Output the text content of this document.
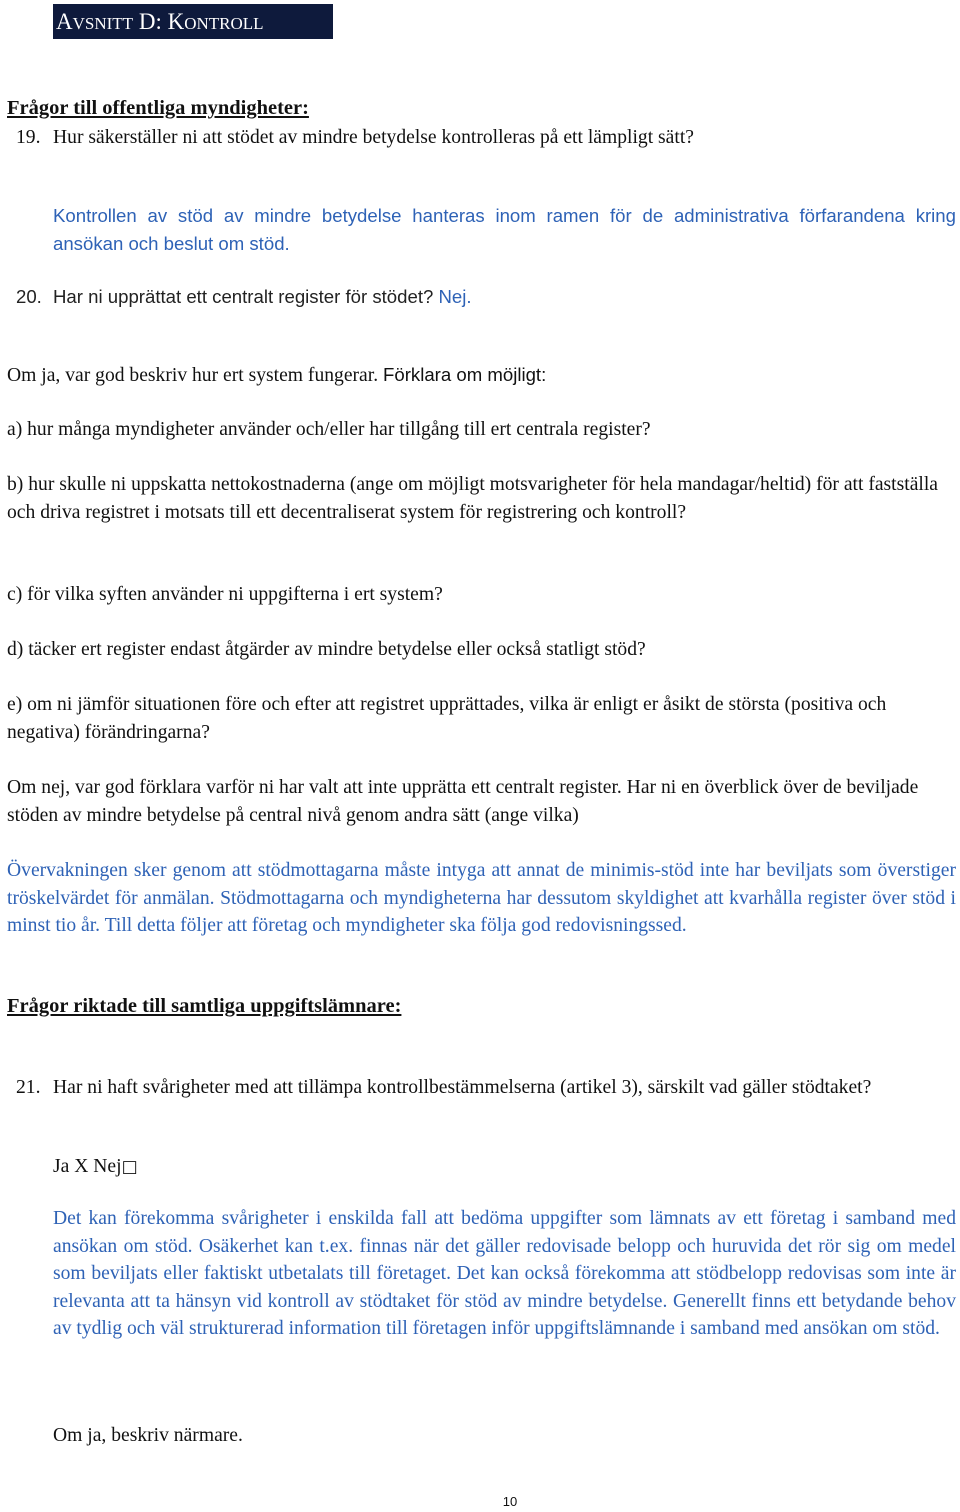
AVSNITT D: KONTROLL
Frågor till offentliga myndigheter:
19. Hur säkerställer ni att stödet av mindre betydelse kontrolleras på ett lämpligt sätt?
Kontrollen av stöd av mindre betydelse hanteras inom ramen för de administrativa förfarandena kring ansökan och beslut om stöd.
20. Har ni upprättat ett centralt register för stödet? Nej.
Om ja, var god beskriv hur ert system fungerar. Förklara om möjligt:
a) hur många myndigheter använder och/eller har tillgång till ert centrala register?
b) hur skulle ni uppskatta nettokostnaderna (ange om möjligt motsvarigheter för hela mandagar/heltid) för att fastställa och driva registret i motsats till ett decentraliserat system för registrering och kontroll?
c) för vilka syften använder ni uppgifterna i ert system?
d) täcker ert register endast åtgärder av mindre betydelse eller också statligt stöd?
e) om ni jämför situationen före och efter att registret upprättades, vilka är enligt er åsikt de största (positiva och negativa) förändringarna?
Om nej, var god förklara varför ni har valt att inte upprätta ett centralt register. Har ni en överblick över de beviljade stöden av mindre betydelse på central nivå genom andra sätt (ange vilka)
Övervakningen sker genom att stödmottagarna måste intyga att annat de minimis-stöd inte har beviljats som överstiger tröskelvärdet för anmälan. Stödmottagarna och myndigheterna har dessutom skyldighet att kvarhålla register över stöd i minst tio år. Till detta följer att företag och myndigheter ska följa god redovisningssed.
Frågor riktade till samtliga uppgiftslämnare:
21. Har ni haft svårigheter med att tillämpa kontrollbestämmelserna (artikel 3), särskilt vad gäller stödtaket?
Ja X Nej□
Det kan förekomma svårigheter i enskilda fall att bedöma uppgifter som lämnats av ett företag i samband med ansökan om stöd. Osäkerhet kan t.ex. finnas när det gäller redovisade belopp och huruvida det rör sig om medel som beviljats eller faktiskt utbetalats till företaget. Det kan också förekomma att stödbelopp redovisas som inte är relevanta att ta hänsyn vid kontroll av stödtaket för stöd av mindre betydelse. Generellt finns ett betydande behov av tydlig och väl strukturerad information till företagen inför uppgiftslämnande i samband med ansökan om stöd.
Om ja, beskriv närmare.
10
